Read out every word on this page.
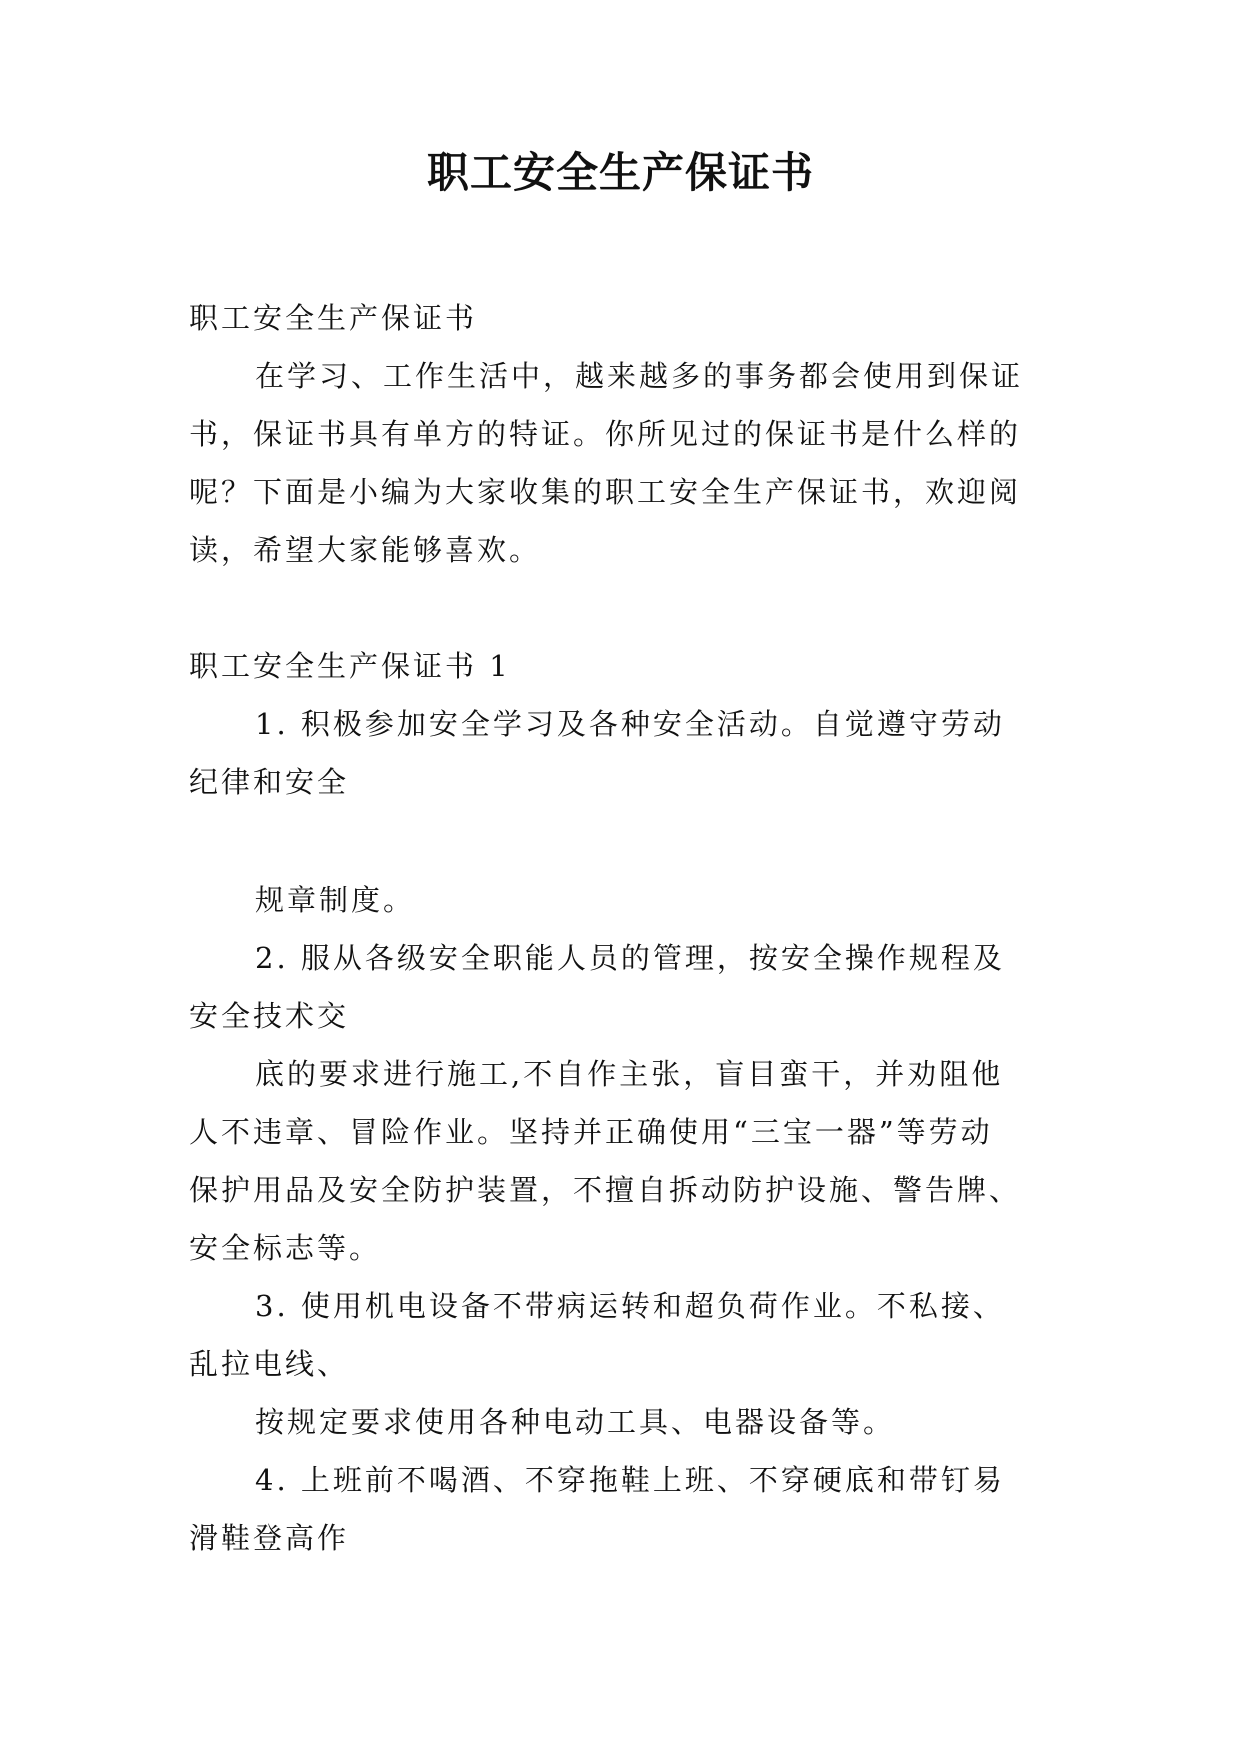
职工安全生产保证书
职工安全生产保证书
在学习、工作生活中，越来越多的事务都会使用到保证
书，保证书具有单方的特证。你所见过的保证书是什么样的
呢？下面是小编为大家收集的职工安全生产保证书，欢迎阅
读，希望大家能够喜欢。
职工安全生产保证书 1
1. 积极参加安全学习及各种安全活动。自觉遵守劳动
纪律和安全
规章制度。
2. 服从各级安全职能人员的管理，按安全操作规程及
安全技术交
底的要求进行施工,不自作主张，盲目蛮干，并劝阻他
人不违章、冒险作业。坚持并正确使用“三宝一器”等劳动
保护用品及安全防护装置，不擅自拆动防护设施、警告牌、
安全标志等。
3. 使用机电设备不带病运转和超负荷作业。不私接、
乱拉电线、
按规定要求使用各种电动工具、电器设备等。
4. 上班前不喝酒、不穿拖鞋上班、不穿硬底和带钉易
滑鞋登高作
